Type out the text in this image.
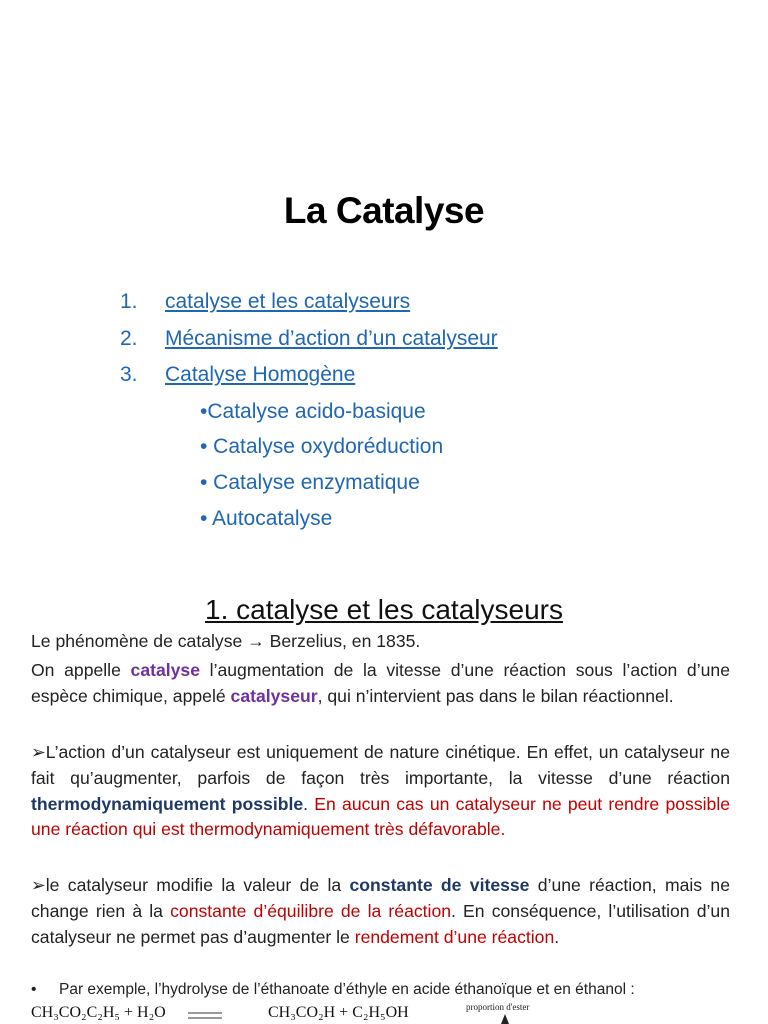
La Catalyse
1. catalyse et les catalyseurs
2. Mécanisme d’action d’un catalyseur
3. Catalyse Homogène
•Catalyse acido-basique
• Catalyse oxydoréduction
• Catalyse enzymatique
• Autocatalyse
1. catalyse et les catalyseurs
Le phénomène de catalyse → Berzelius, en 1835.
On appelle catalyse l’augmentation de la vitesse d’une réaction sous l’action d’une espèce chimique, appelé catalyseur, qui n’intervient pas dans le bilan réactionnel.
➢L’action d’un catalyseur est uniquement de nature cinétique. En effet, un catalyseur ne fait qu’augmenter, parfois de façon très importante, la vitesse d’une réaction thermodynamiquement possible. En aucun cas un catalyseur ne peut rendre possible une réaction qui est thermodynamiquement très défavorable.
➢le catalyseur modifie la valeur de la constante de vitesse d’une réaction, mais ne change rien à la constante d’équilibre de la réaction. En conséquence, l’utilisation d’un catalyseur ne permet pas d’augmenter le rendement d’une réaction.
• Par exemple, l’hydrolyse de l’éthanoate d’éthyle en acide éthanoïque et en éthanol :
CH₃CO₂C₂H₅ + H₂O	CH₃CO₂H + C₂H₅OH	proportion d'ester
